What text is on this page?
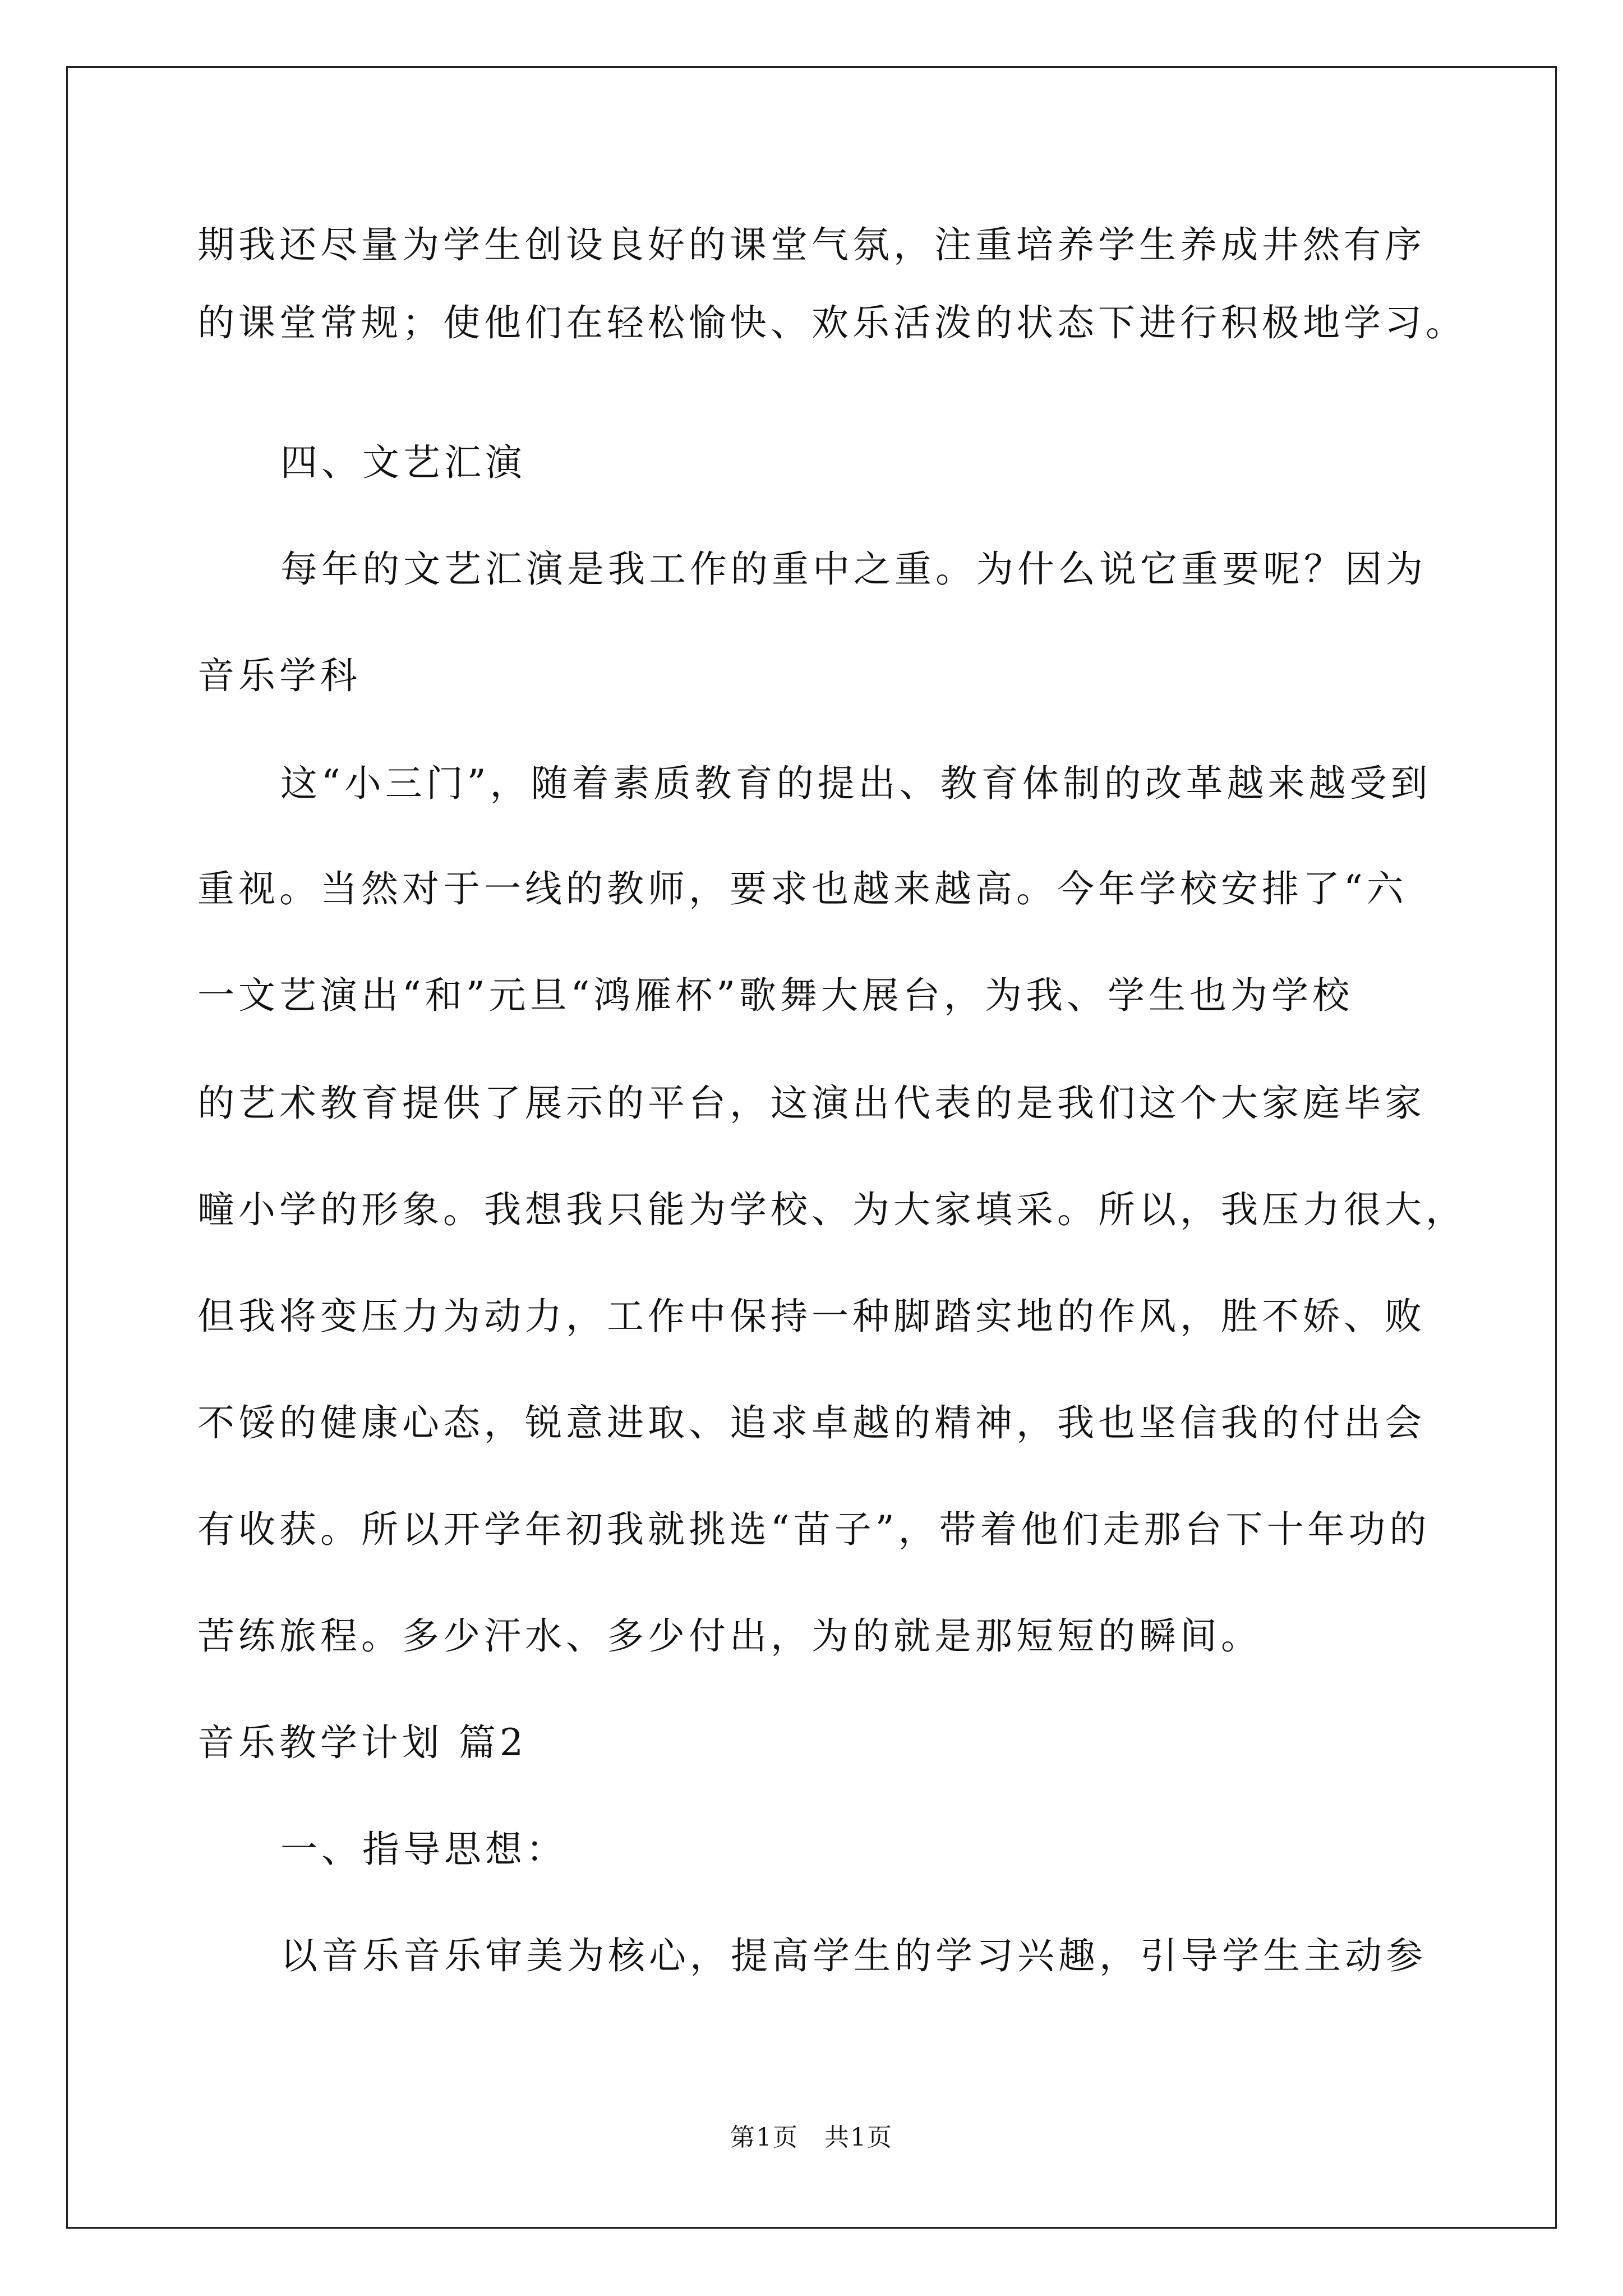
期我还尽量为学生创设良好的课堂气氛，注重培养学生养成井然有序
的课堂常规；使他们在轻松愉快、欢乐活泼的状态下进行积极地学习。
四、文艺汇演
每年的文艺汇演是我工作的重中之重。为什么说它重要呢？因为
音乐学科
这“小三门”，随着素质教育的提出、教育体制的改革越来越受到
重视。当然对于一线的教师，要求也越来越高。今年学校安排了“六
一文艺演出“和”元旦“鸿雁杯”歌舞大展台，为我、学生也为学校
的艺术教育提供了展示的平台，这演出代表的是我们这个大家庭毕家
疃小学的形象。我想我只能为学校、为大家填采。所以，我压力很大，
但我将变压力为动力，工作中保持一种脚踏实地的作风，胜不娇、败
不馁的健康心态，锐意进取、追求卓越的精神，我也坚信我的付出会
有收获。所以开学年初我就挑选“苗子”，带着他们走那台下十年功的
苦练旅程。多少汗水、多少付出，为的就是那短短的瞬间。
音乐教学计划 篇2
一、指导思想：
以音乐音乐审美为核心，提高学生的学习兴趣，引导学生主动参
第1页　共1页
